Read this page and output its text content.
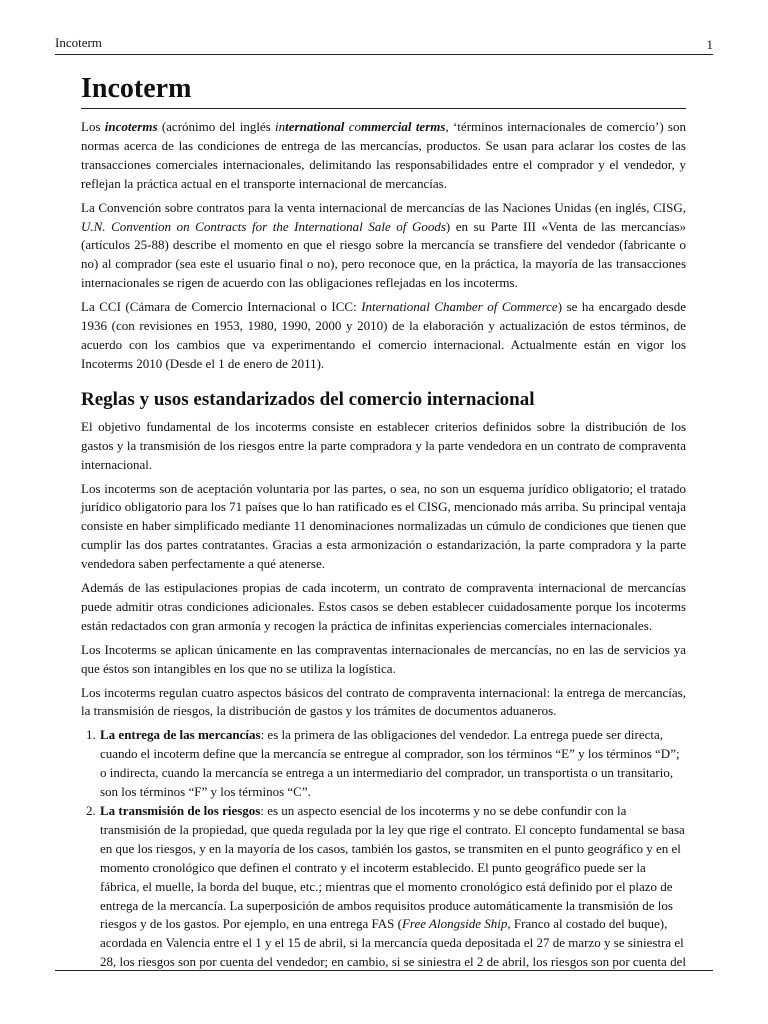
Incoterm	1
Incoterm

Los incoterms (acrónimo del inglés international commercial terms, ‘términos internacionales de comercio’) son normas acerca de las condiciones de entrega de las mercancías, productos. Se usan para aclarar los costes de las transacciones comerciales internacionales, delimitando las responsabilidades entre el comprador y el vendedor, y reflejan la práctica actual en el transporte internacional de mercancías.

La Convención sobre contratos para la venta internacional de mercancías de las Naciones Unidas (en inglés, CISG, U.N. Convention on Contracts for the International Sale of Goods) en su Parte III «Venta de las mercancías» (artículos 25-88) describe el momento en que el riesgo sobre la mercancía se transfiere del vendedor (fabricante o no) al comprador (sea este el usuario final o no), pero reconoce que, en la práctica, la mayoría de las transacciones internacionales se rigen de acuerdo con las obligaciones reflejadas en los incoterms.

La CCI (Cámara de Comercio Internacional o ICC: International Chamber of Commerce) se ha encargado desde 1936 (con revisiones en 1953, 1980, 1990, 2000 y 2010) de la elaboración y actualización de estos términos, de acuerdo con los cambios que va experimentando el comercio internacional. Actualmente están en vigor los Incoterms 2010 (Desde el 1 de enero de 2011).

Reglas y usos estandarizados del comercio internacional

El objetivo fundamental de los incoterms consiste en establecer criterios definidos sobre la distribución de los gastos y la transmisión de los riesgos entre la parte compradora y la parte vendedora en un contrato de compraventa internacional.

Los incoterms son de aceptación voluntaria por las partes, o sea, no son un esquema jurídico obligatorio; el tratado jurídico obligatorio para los 71 países que lo han ratificado es el CISG, mencionado más arriba. Su principal ventaja consiste en haber simplificado mediante 11 denominaciones normalizadas un cúmulo de condiciones que tienen que cumplir las dos partes contratantes. Gracias a esta armonización o estandarización, la parte compradora y la parte vendedora saben perfectamente a qué atenerse.

Además de las estipulaciones propias de cada incoterm, un contrato de compraventa internacional de mercancías puede admitir otras condiciones adicionales. Estos casos se deben establecer cuidadosamente porque los incoterms están redactados con gran armonía y recogen la práctica de infinitas experiencias comerciales internacionales.

Los Incoterms se aplican únicamente en las compraventas internacionales de mercancías, no en las de servicios ya que éstos son intangibles en los que no se utiliza la logística.

Los incoterms regulan cuatro aspectos básicos del contrato de compraventa internacional: la entrega de mercancías, la transmisión de riesgos, la distribución de gastos y los trámites de documentos aduaneros.

1. La entrega de las mercancías: es la primera de las obligaciones del vendedor. La entrega puede ser directa, cuando el incoterm define que la mercancía se entregue al comprador, son los términos “E” y los términos “D”; o indirecta, cuando la mercancía se entrega a un intermediario del comprador, un transportista o un transitario, son los términos “F” y los términos “C”.
2. La transmisión de los riesgos: es un aspecto esencial de los incoterms y no se debe confundir con la transmisión de la propiedad, que queda regulada por la ley que rige el contrato. El concepto fundamental se basa en que los riesgos, y en la mayoría de los casos, también los gastos, se transmiten en el punto geográfico y en el momento cronológico que definen el contrato y el incoterm establecido. El punto geográfico puede ser la fábrica, el muelle, la borda del buque, etc.; mientras que el momento cronológico está definido por el plazo de entrega de la mercancía. La superposición de ambos requisitos produce automáticamente la transmisión de los riesgos y de los gastos. Por ejemplo, en una entrega FAS (Free Alongside Ship, Franco al costado del buque), acordada en Valencia entre el 1 y el 15 de abril, si la mercancía queda depositada el 27 de marzo y se siniestra el 28, los riesgos son por cuenta del vendedor; en cambio, si se siniestra el 2 de abril, los riesgos son por cuenta del
